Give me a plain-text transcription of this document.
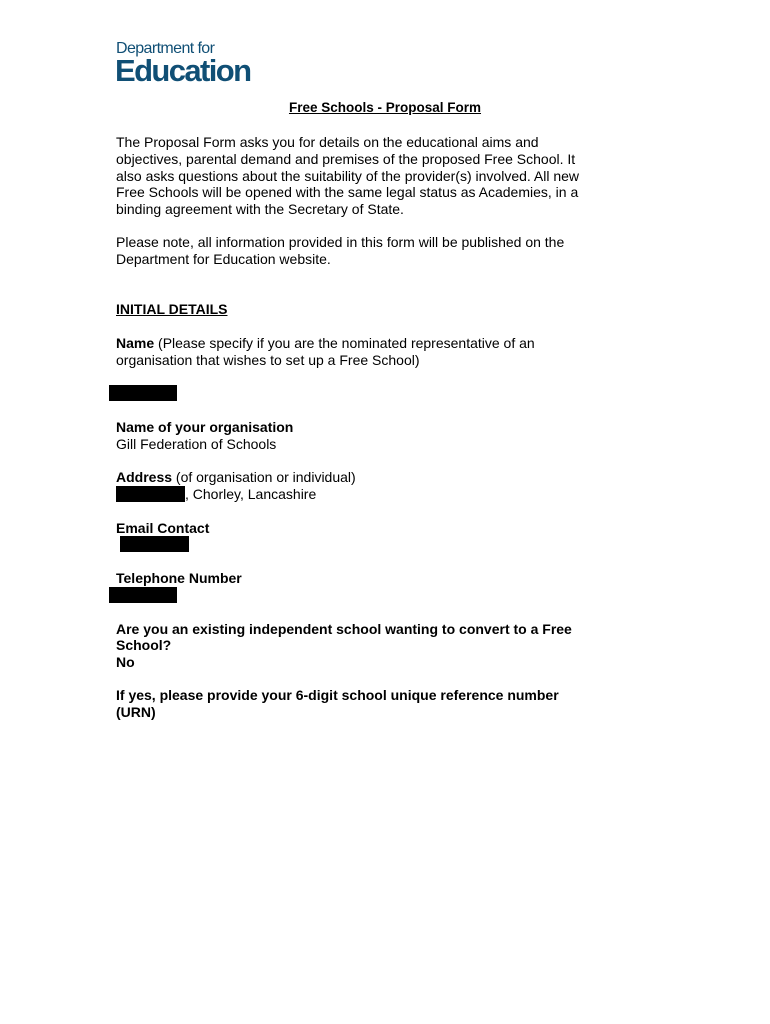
Department for
Education
Free Schools - Proposal Form
The Proposal Form asks you for details on the educational aims and
objectives, parental demand and premises of the proposed Free School. It
also asks questions about the suitability of the provider(s) involved. All new
Free Schools will be opened with the same legal status as Academies, in a
binding agreement with the Secretary of State.
Please note, all information provided in this form will be published on the
Department for Education website.
INITIAL DETAILS
Name (Please specify if you are the nominated representative of an
organisation that wishes to set up a Free School)
Name of your organisation
Gill Federation of Schools
Address (of organisation or individual)
, Chorley, Lancashire
Email Contact
Telephone Number
Are you an existing independent school wanting to convert to a Free
School?
No
If yes, please provide your 6-digit school unique reference number
(URN)
